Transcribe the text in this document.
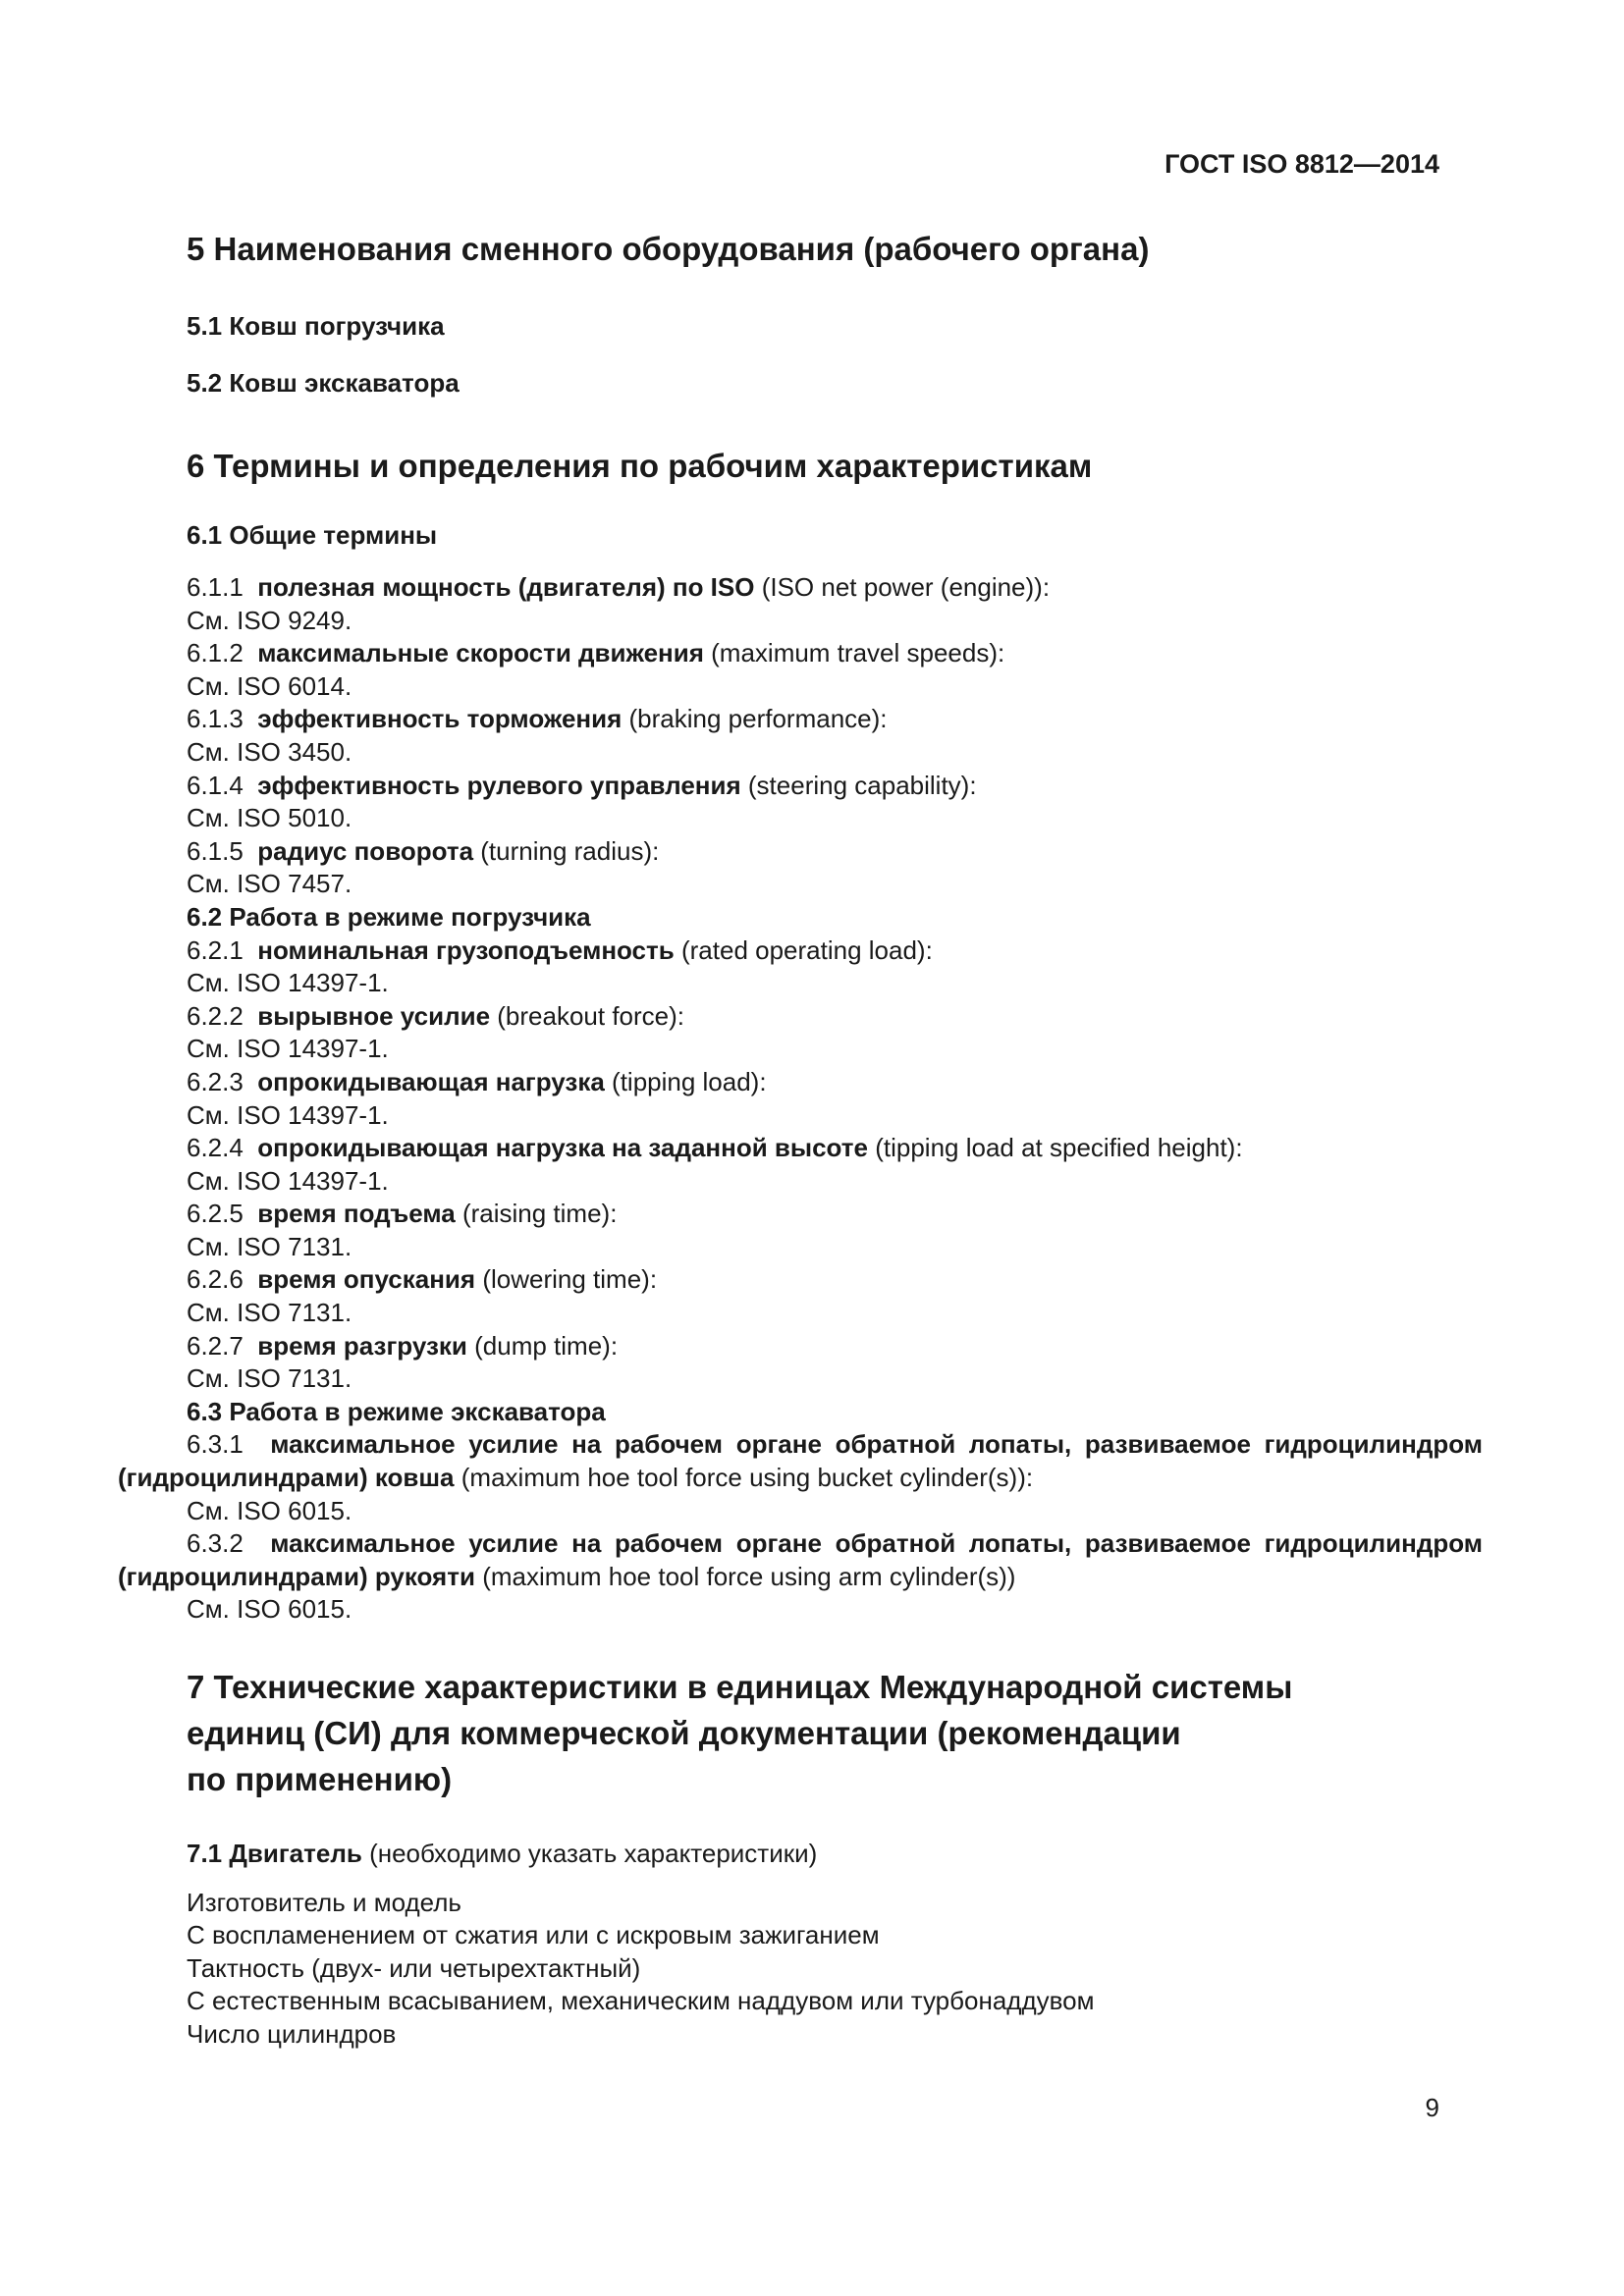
ГОСТ ISO 8812—2014
5 Наименования сменного оборудования (рабочего органа)
5.1 Ковш погрузчика
5.2 Ковш экскаватора
6 Термины и определения по рабочим характеристикам
6.1 Общие термины
6.1.1 полезная мощность (двигателя) по ISO (ISO net power (engine)):
См. ISO 9249.
6.1.2 максимальные скорости движения (maximum travel speeds):
См. ISO 6014.
6.1.3 эффективность торможения (braking performance):
См. ISO 3450.
6.1.4 эффективность рулевого управления (steering capability):
См. ISO 5010.
6.1.5 радиус поворота (turning radius):
См. ISO 7457.
6.2 Работа в режиме погрузчика
6.2.1 номинальная грузоподъемность (rated operating load):
См. ISO 14397-1.
6.2.2 вырывное усилие (breakout force):
См. ISO 14397-1.
6.2.3 опрокидывающая нагрузка (tipping load):
См. ISO 14397-1.
6.2.4 опрокидывающая нагрузка на заданной высоте (tipping load at specified height):
См. ISO 14397-1.
6.2.5 время подъема (raising time):
См. ISO 7131.
6.2.6 время опускания (lowering time):
См. ISO 7131.
6.2.7 время разгрузки (dump time):
См. ISO 7131.
6.3 Работа в режиме экскаватора
6.3.1 максимальное усилие на рабочем органе обратной лопаты, развиваемое гидроцилиндром (гидроцилиндрами) ковша (maximum hoe tool force using bucket cylinder(s)):
См. ISO 6015.
6.3.2 максимальное усилие на рабочем органе обратной лопаты, развиваемое гидроцилиндром (гидроцилиндрами) рукояти (maximum hoe tool force using arm cylinder(s))
См. ISO 6015.
7 Технические характеристики в единицах Международной системы
единиц (СИ) для коммерческой документации (рекомендации
по применению)
7.1 Двигатель (необходимо указать характеристики)
Изготовитель и модель
С воспламенением от сжатия или с искровым зажиганием
Тактность (двух- или четырехтактный)
С естественным всасыванием, механическим наддувом или турбонаддувом
Число цилиндров
9
